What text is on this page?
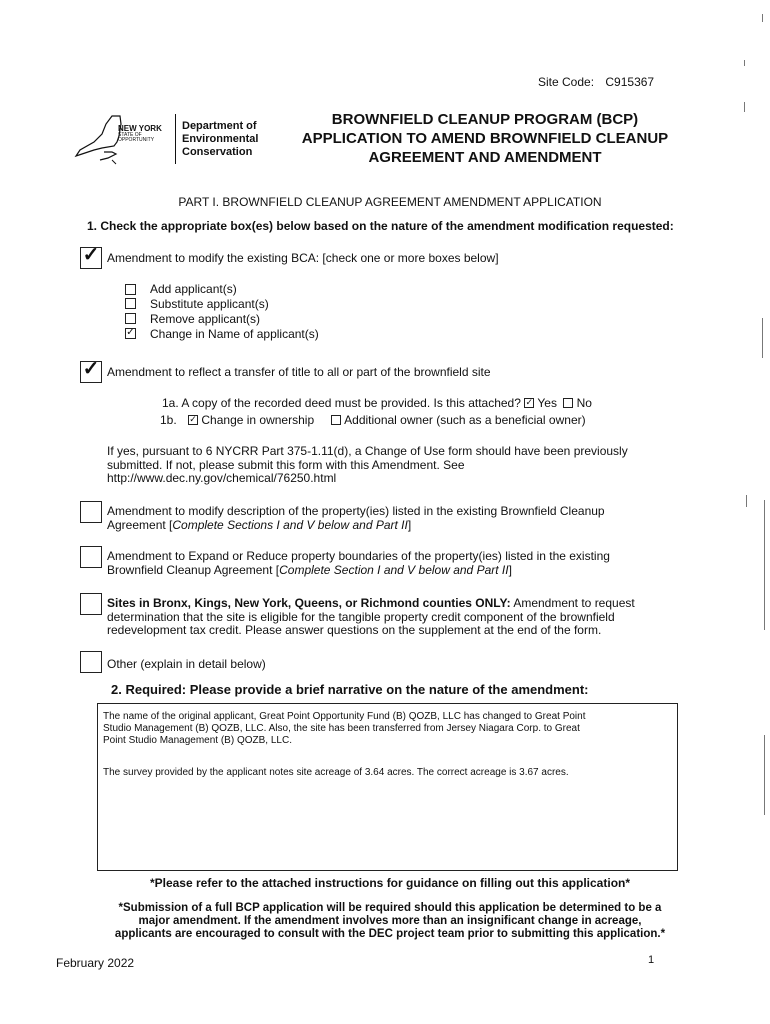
Site Code: C915367
NEW YORK
STATE OF
OPPORTUNITY
Department of
Environmental
Conservation
BROWNFIELD CLEANUP PROGRAM (BCP)
APPLICATION TO AMEND BROWNFIELD CLEANUP
AGREEMENT AND AMENDMENT
PART I. BROWNFIELD CLEANUP AGREEMENT AMENDMENT APPLICATION
1. Check the appropriate box(es) below based on the nature of the amendment modification requested:
✓ Amendment to modify the existing BCA: [check one or more boxes below]
Add applicant(s)
Substitute applicant(s)
Remove applicant(s)
✓ Change in Name of applicant(s)
✓ Amendment to reflect a transfer of title to all or part of the brownfield site
1a. A copy of the recorded deed must be provided. Is this attached? ✓ Yes No
1b. ✓ Change in ownership	Additional owner (such as a beneficial owner)
If yes, pursuant to 6 NYCRR Part 375-1.11(d), a Change of Use form should have been previously
submitted. If not, please submit this form with this Amendment. See
http://www.dec.ny.gov/chemical/76250.html
Amendment to modify description of the property(ies) listed in the existing Brownfield Cleanup
Agreement [Complete Sections I and V below and Part II]
Amendment to Expand or Reduce property boundaries of the property(ies) listed in the existing
Brownfield Cleanup Agreement [Complete Section I and V below and Part II]
Sites in Bronx, Kings, New York, Queens, or Richmond counties ONLY: Amendment to request
determination that the site is eligible for the tangible property credit component of the brownfield
redevelopment tax credit. Please answer questions on the supplement at the end of the form.
Other (explain in detail below)
2. Required: Please provide a brief narrative on the nature of the amendment:
The name of the original applicant, Great Point Opportunity Fund (B) QOZB, LLC has changed to Great Point
Studio Management (B) QOZB, LLC. Also, the site has been transferred from Jersey Niagara Corp. to Great
Point Studio Management (B) QOZB, LLC.
The survey provided by the applicant notes site acreage of 3.64 acres. The correct acreage is 3.67 acres.
*Please refer to the attached instructions for guidance on filling out this application*
*Submission of a full BCP application will be required should this application be determined to be a
major amendment. If the amendment involves more than an insignificant change in acreage,
applicants are encouraged to consult with the DEC project team prior to submitting this application.*
February 2022	1
